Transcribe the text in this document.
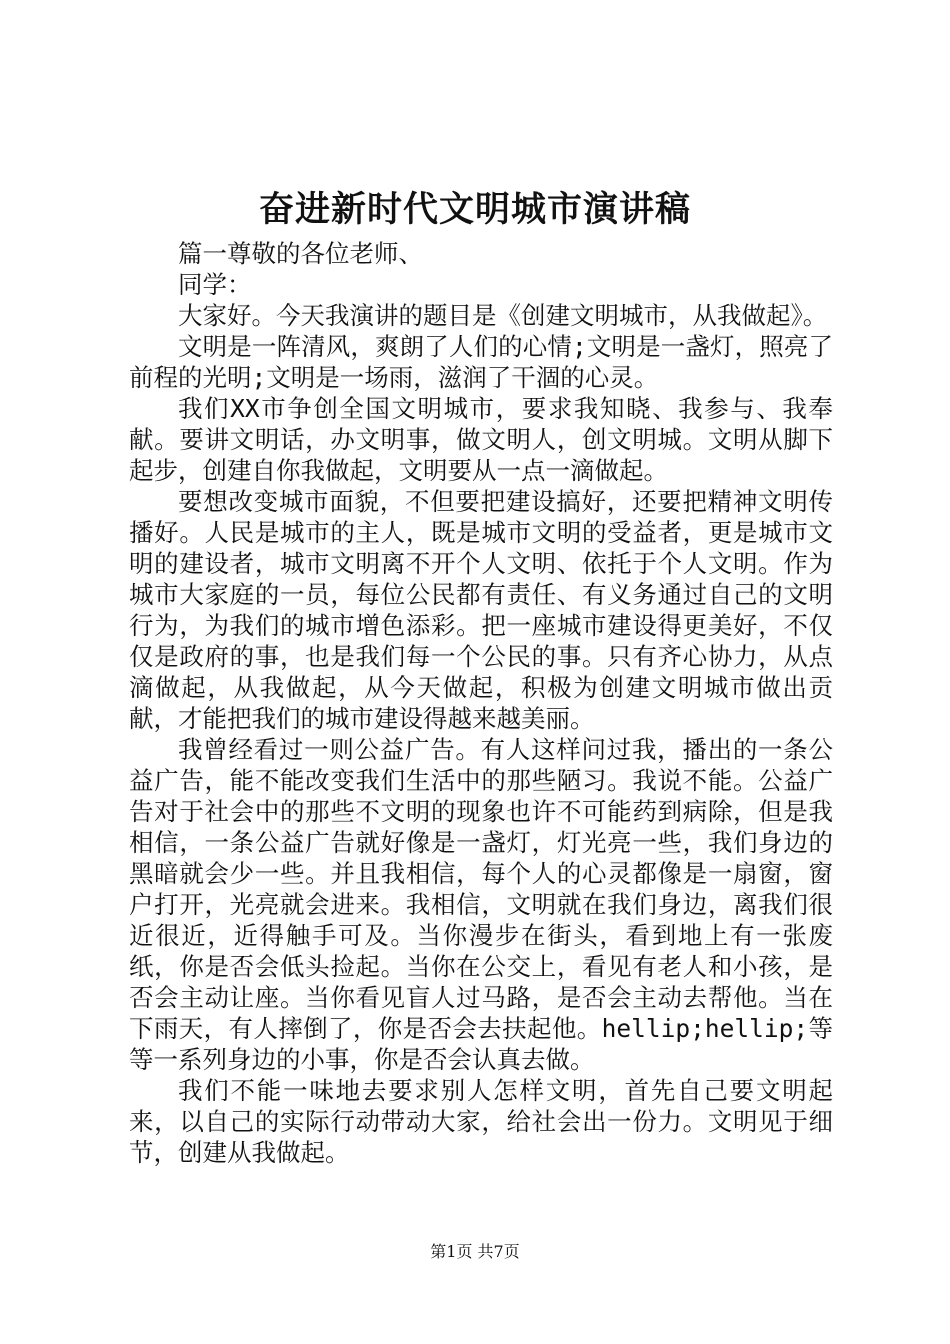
奋进新时代文明城市演讲稿

篇一尊敬的各位老师、

同学：

大家好。今天我演讲的题目是《创建文明城市，从我做起》。

文明是一阵清风，爽朗了人们的心情;文明是一盏灯，照亮了前程的光明;文明是一场雨，滋润了干涸的心灵。

我们XX市争创全国文明城市，要求我知晓、我参与、我奉献。要讲文明话，办文明事，做文明人，创文明城。文明从脚下起步，创建自你我做起，文明要从一点一滴做起。

要想改变城市面貌，不但要把建设搞好，还要把精神文明传播好。人民是城市的主人，既是城市文明的受益者，更是城市文明的建设者，城市文明离不开个人文明、依托于个人文明。作为城市大家庭的一员，每位公民都有责任、有义务通过自己的文明行为，为我们的城市增色添彩。把一座城市建设得更美好，不仅仅是政府的事，也是我们每一个公民的事。只有齐心协力，从点滴做起，从我做起，从今天做起，积极为创建文明城市做出贡献，才能把我们的城市建设得越来越美丽。

我曾经看过一则公益广告。有人这样问过我，播出的一条公益广告，能不能改变我们生活中的那些陋习。我说不能。公益广告对于社会中的那些不文明的现象也许不可能药到病除，但是我相信，一条公益广告就好像是一盏灯，灯光亮一些，我们身边的黑暗就会少一些。并且我相信，每个人的心灵都像是一扇窗，窗户打开，光亮就会进来。我相信，文明就在我们身边，离我们很近很近，近得触手可及。当你漫步在街头，看到地上有一张废纸，你是否会低头捡起。当你在公交上，看见有老人和小孩，是否会主动让座。当你看见盲人过马路，是否会主动去帮他。当在下雨天，有人摔倒了，你是否会去扶起他。hellip;hellip;等等一系列身边的小事，你是否会认真去做。

我们不能一味地去要求别人怎样文明，首先自己要文明起来，以自己的实际行动带动大家，给社会出一份力。文明见于细节，创建从我做起。

第1页 共7页
